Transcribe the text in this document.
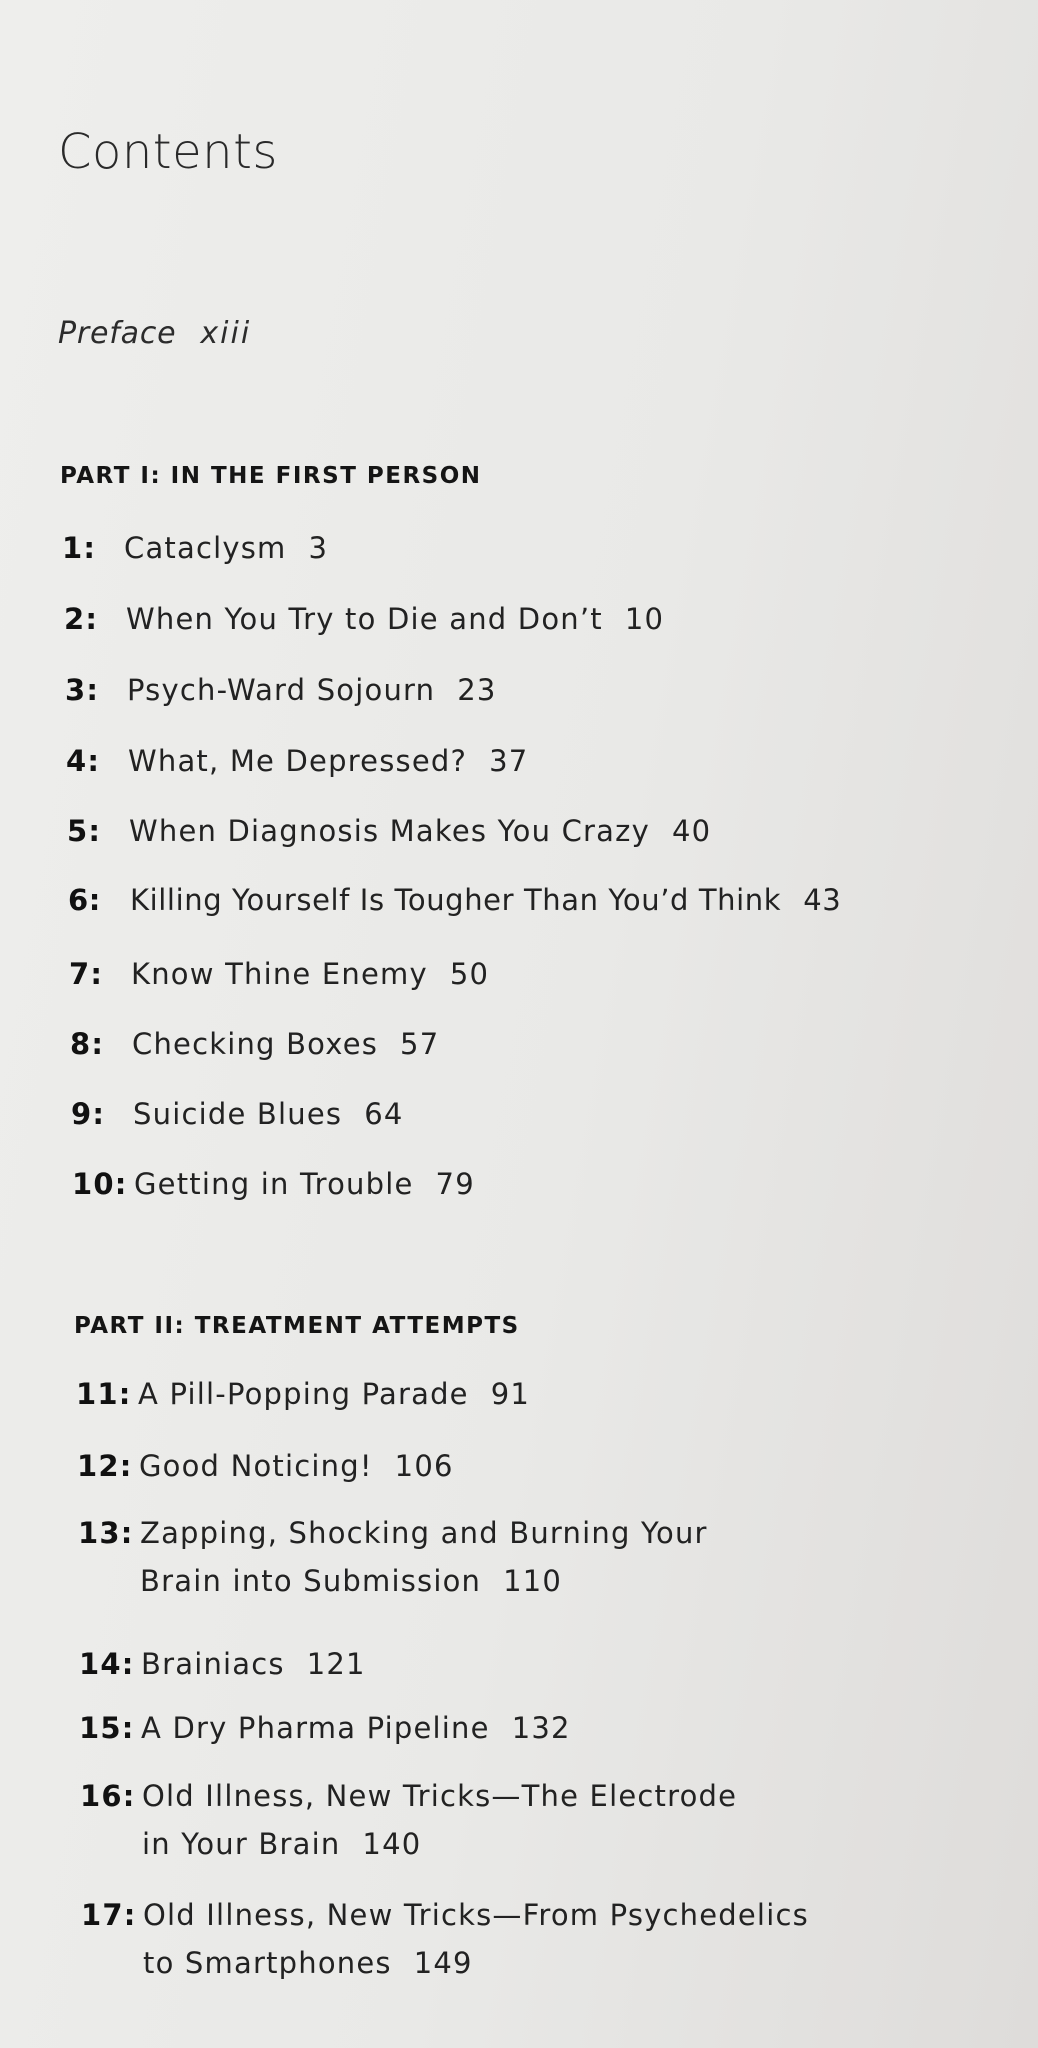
Contents
Preface xiii
PART I: IN THE FIRST PERSON
1: Cataclysm 3
2: When You Try to Die and Don’t 10
3: Psych-Ward Sojourn 23
4: What, Me Depressed? 37
5: When Diagnosis Makes You Crazy 40
6: Killing Yourself Is Tougher Than You’d Think 43
7: Know Thine Enemy 50
8: Checking Boxes 57
9: Suicide Blues 64
10: Getting in Trouble 79
PART II: TREATMENT ATTEMPTS
11: A Pill-Popping Parade 91
12: Good Noticing! 106
13: Zapping, Shocking and Burning Your
Brain into Submission 110
14: Brainiacs 121
15: A Dry Pharma Pipeline 132
16: Old Illness, New Tricks—The Electrode
in Your Brain 140
17: Old Illness, New Tricks—From Psychedelics
to Smartphones 149
